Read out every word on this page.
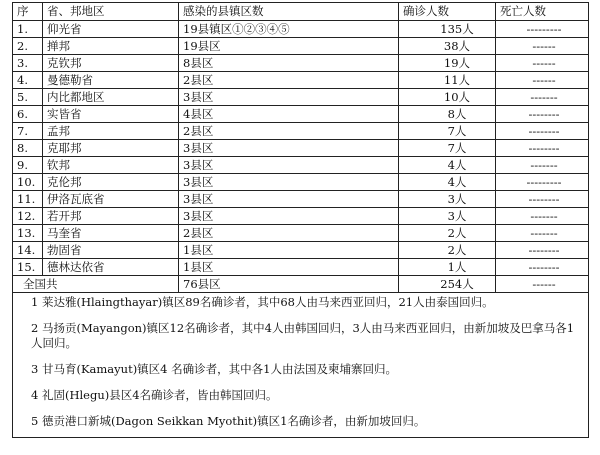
序	省、邦地区	感染的县镇区数	确诊人数	死亡人数
1.	仰光省	19县镇区①②③④⑤	135人	---------

2.	掸邦	19县区	38人	------

3.	克钦邦	8县区	19人	------

4.	曼德勒省	2县区	11人	------

5.	内比都地区	3县区	10人	-------

6.	实皆省	4县区	8人	--------

7.	孟邦	2县区	7人	--------

8.	克耶邦	3县区	7人	--------

9.	钦邦	3县区	4人	-------

10.	克伦邦	3县区	4人	---------

11.	伊洛瓦底省	3县区	3人	--------

12.	若开邦	3县区	3人	-------

13.	马奎省	2县区	2人	-------

14.	勃固省	1县区	2人	--------

15.	德林达依省	1县区	1人	--------

全国共		76县区	254人	------

1 莱达雅(Hlaingthayar)镇区89名确诊者，其中68人由马来西亚回归，21人由泰国回归。

2 马扬贡(Mayangon)镇区12名确诊者，其中4人由韩国回归，3人由马来西亚回归，由新加坡及巴拿马各1人回归。

3 甘马育(Kamayut)镇区4 名确诊者，其中各1人由法国及柬埔寨回归。

4 礼固(Hlegu)县区4名确诊者，皆由韩国回归。

5 德贡港口新城(Dagon Seikkan Myothit)镇区1名确诊者，由新加坡回归。				
